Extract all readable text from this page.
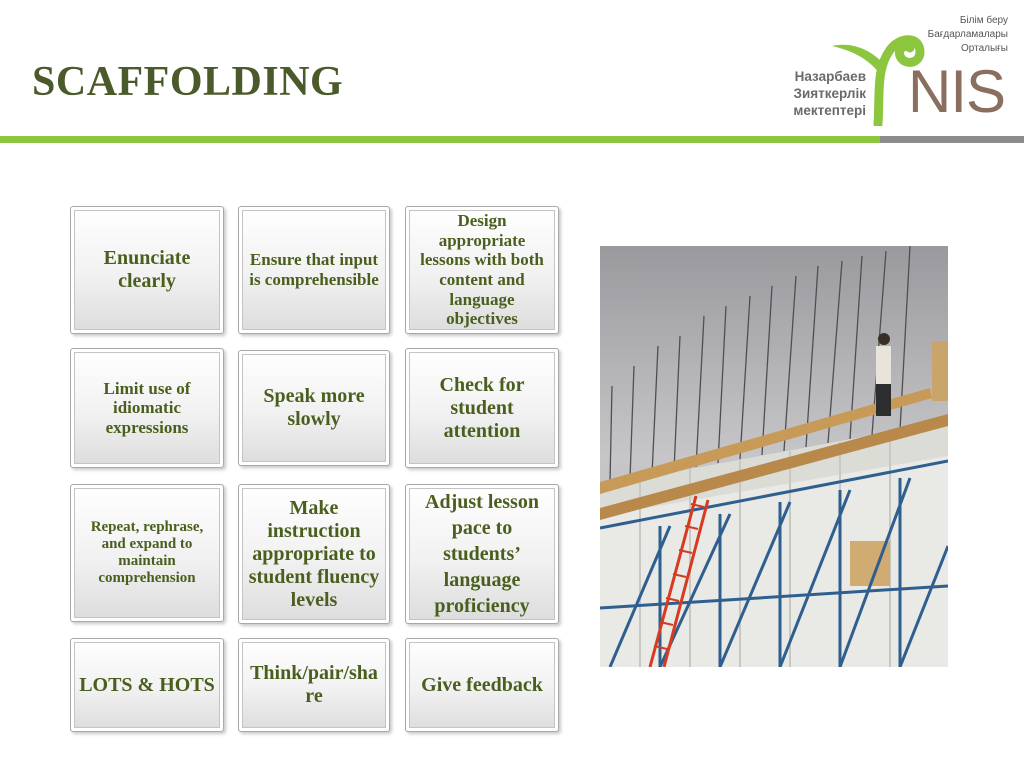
SCAFFOLDING
Білім беру
Бағдарламалары
Орталығы
Назарбаев
Зияткерлік
мектептері NIS
Enunciate clearly
Ensure that input is comprehensible
Design appropriate lessons with both content and language objectives
Limit use of idiomatic expressions
Speak more slowly
Check for student attention
Repeat, rephrase, and expand to maintain comprehension
Make instruction appropriate to student fluency levels
Adjust lesson pace to students’ language proficiency
LOTS & HOTS
Think/pair/share
Give feedback
